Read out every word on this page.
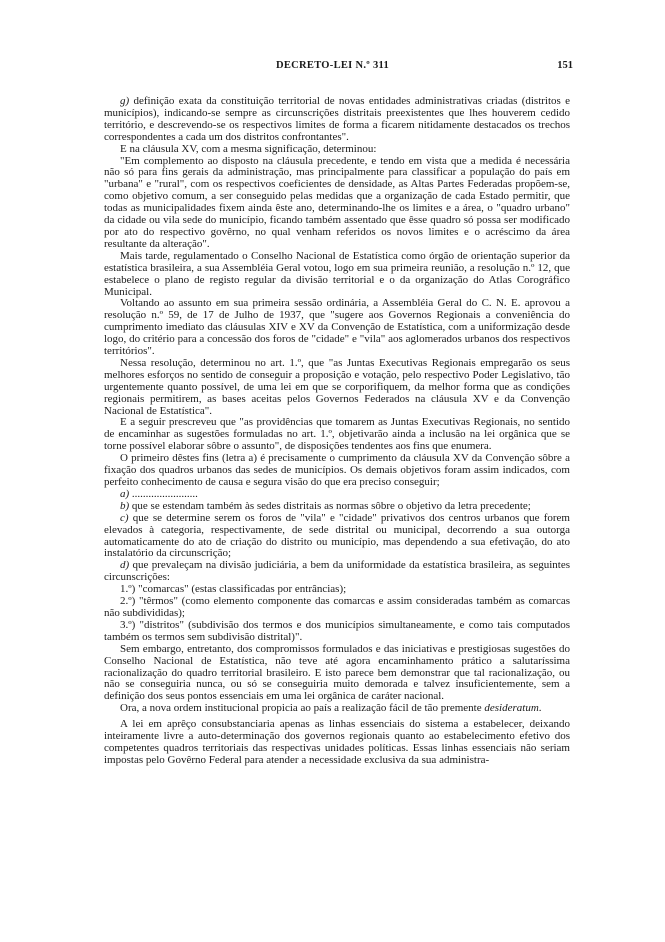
DECRETO-LEI N.º 311	151

g) definição exata da constituição territorial de novas entidades administrativas criadas (distritos e municípios), indicando-se sempre as circunscrições distritais preexistentes que lhes houverem cedido território, e descrevendo-se os respectivos limites de forma a ficarem nitidamente destacados os trechos correspondentes a cada um dos distritos confrontantes".

E na cláusula XV, com a mesma significação, determinou:

"Em complemento ao disposto na cláusula precedente, e tendo em vista que a medida é necessária não só para fins gerais da administração, mas principalmente para classificar a população do país em "urbana" e "rural", com os respectivos coeficientes de densidade, as Altas Partes Federadas propõem-se, como objetivo comum, a ser conseguido pelas medidas que a organização de cada Estado permitir, que todas as municipalidades fixem ainda êste ano, determinando-lhe os limites e a área, o "quadro urbano" da cidade ou vila sede do município, ficando também assentado que êsse quadro só possa ser modificado por ato do respectivo govêrno, no qual venham referidos os novos limites e o acréscimo da área resultante da alteração".

Mais tarde, regulamentado o Conselho Nacional de Estatística como órgão de orientação superior da estatística brasileira, a sua Assembléia Geral votou, logo em sua primeira reunião, a resolução n.º 12, que estabelece o plano de registo regular da divisão territorial e o da organização do Atlas Corográfico Municipal.

Voltando ao assunto em sua primeira sessão ordinária, a Assembléia Geral do C. N. E. aprovou a resolução n.º 59, de 17 de Julho de 1937, que "sugere aos Governos Regionais a conveniência do cumprimento imediato das cláusulas XIV e XV da Convenção de Estatística, com a uniformização desde logo, do critério para a concessão dos foros de "cidade" e "vila" aos aglomerados urbanos dos respectivos territórios".

Nessa resolução, determinou no art. 1.º, que "as Juntas Executivas Regionais empregarão os seus melhores esforços no sentido de conseguir a proposição e votação, pelo respectivo Poder Legislativo, tão urgentemente quanto possível, de uma lei em que se corporifiquem, da melhor forma que as condições regionais permitirem, as bases aceitas pelos Governos Federados na cláusula XV e da Convenção Nacional de Estatística".

E a seguir prescreveu que "as providências que tomarem as Juntas Executivas Regionais, no sentido de encaminhar as sugestões formuladas no art. 1.º, objetivarão ainda a inclusão na lei orgânica que se torne possível elaborar sôbre o assunto", de disposições tendentes aos fins que enumera.

O primeiro dêstes fins (letra a) é precisamente o cumprimento da cláusula XV da Convenção sôbre a fixação dos quadros urbanos das sedes de municípios. Os demais objetivos foram assim indicados, com perfeito conhecimento de causa e segura visão do que era preciso conseguir;

a) ........................

b) que se estendam também às sedes distritais as normas sôbre o objetivo da letra precedente;

c) que se determine serem os foros de "vila" e "cidade" privativos dos centros urbanos que forem elevados à categoria, respectivamente, de sede distrital ou municipal, decorrendo a sua outorga automaticamente do ato de criação do distrito ou município, mas dependendo a sua efetivação, do ato instalatório da circunscrição;

d) que prevaleçam na divisão judiciária, a bem da uniformidade da estatística brasileira, as seguintes circunscrições:

1.º) "comarcas" (estas classificadas por entrâncias);

2.º) "têrmos" (como elemento componente das comarcas e assim consideradas também as comarcas não subdivididas);

3.º) "distritos" (subdivisão dos termos e dos municípios simultaneamente, e como tais computados também os termos sem subdivisão distrital)".

Sem embargo, entretanto, dos compromissos formulados e das iniciativas e prestigiosas sugestões do Conselho Nacional de Estatística, não teve até agora encaminhamento prático a salutaríssima racionalização do quadro territorial brasileiro. E isto parece bem demonstrar que tal racionalização, ou não se conseguiria nunca, ou só se conseguiria muito demorada e talvez insuficientemente, sem a definição dos seus pontos essenciais em uma lei orgânica de caráter nacional.

Ora, a nova ordem institucional propicia ao país a realização fácil de tão premente desideratum.

A lei em aprêço consubstanciaria apenas as linhas essenciais do sistema a estabelecer, deixando inteiramente livre a auto-determinação dos governos regionais quanto ao estabelecimento efetivo dos competentes quadros territoriais das respectivas unidades políticas. Essas linhas essenciais não seriam impostas pelo Govêrno Federal para atender a necessidade exclusiva da sua administra-
